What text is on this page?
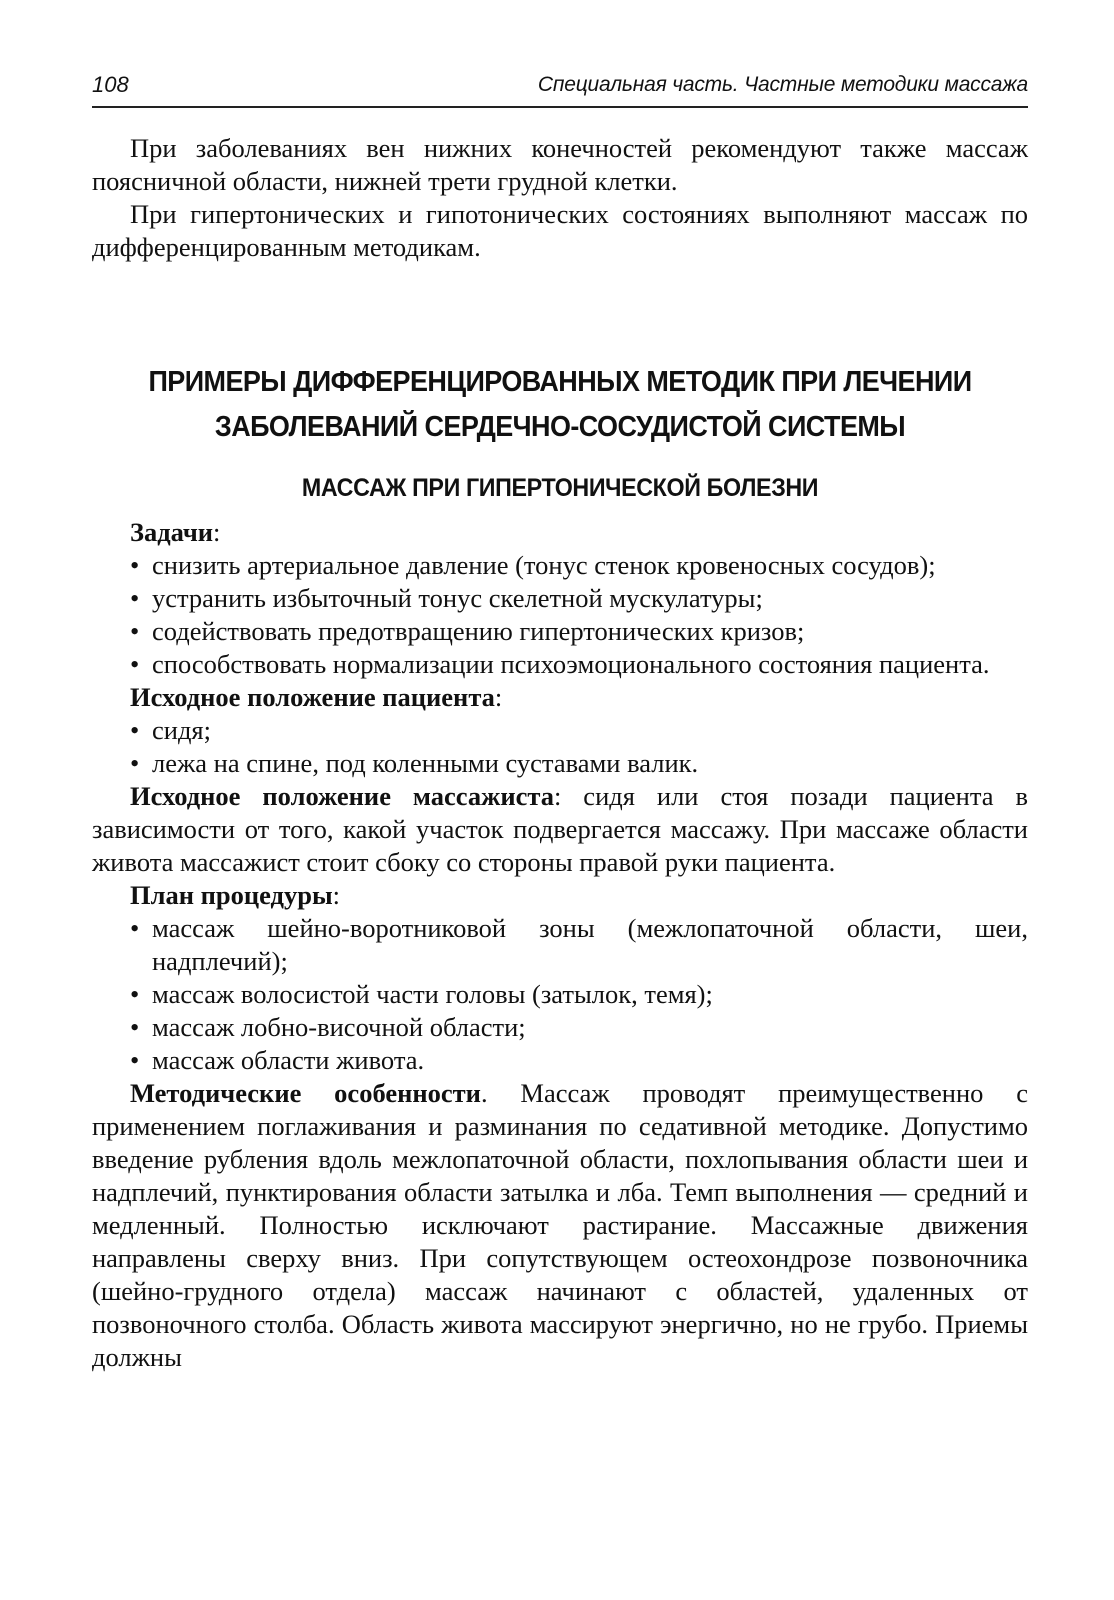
108	Специальная часть. Частные методики массажа

При заболеваниях вен нижних конечностей рекомендуют также массаж поясничной области, нижней трети грудной клетки.

При гипертонических и гипотонических состояниях выполняют массаж по дифференцированным методикам.

ПРИМЕРЫ ДИФФЕРЕНЦИРОВАННЫХ МЕТОДИК ПРИ ЛЕЧЕНИИ
ЗАБОЛЕВАНИЙ СЕРДЕЧНО-СОСУДИСТОЙ СИСТЕМЫ
МАССАЖ ПРИ ГИПЕРТОНИЧЕСКОЙ БОЛЕЗНИ
Задачи:
• снизить артериальное давление (тонус стенок кровеносных сосудов);
• устранить избыточный тонус скелетной мускулатуры;
• содействовать предотвращению гипертонических кризов;
• способствовать нормализации психоэмоционального состояния пациента.
Исходное положение пациента:
• сидя;
• лежа на спине, под коленными суставами валик.

Исходное положение массажиста: сидя или стоя позади пациента в зависимости от того, какой участок подвергается массажу. При массаже области живота массажист стоит сбоку со стороны правой руки пациента.

План процедуры:
• массаж шейно-воротниковой зоны (межлопаточной области, шеи, надплечий);
• массаж волосистой части головы (затылок, темя);
• массаж лобно-височной области;
• массаж области живота.

Методические особенности. Массаж проводят преимущественно с применением поглаживания и разминания по седативной методике. Допустимо введение рубления вдоль межлопаточной области, похлопывания области шеи и надплечий, пунктирования области затылка и лба. Темп выполнения — средний и медленный. Полностью исключают растирание. Массажные движения направлены сверху вниз. При сопутствующем остеохондрозе позвоночника (шейно-грудного отдела) массаж начинают с областей, удаленных от позвоночного столба. Область живота массируют энергично, но не грубо. Приемы должны
